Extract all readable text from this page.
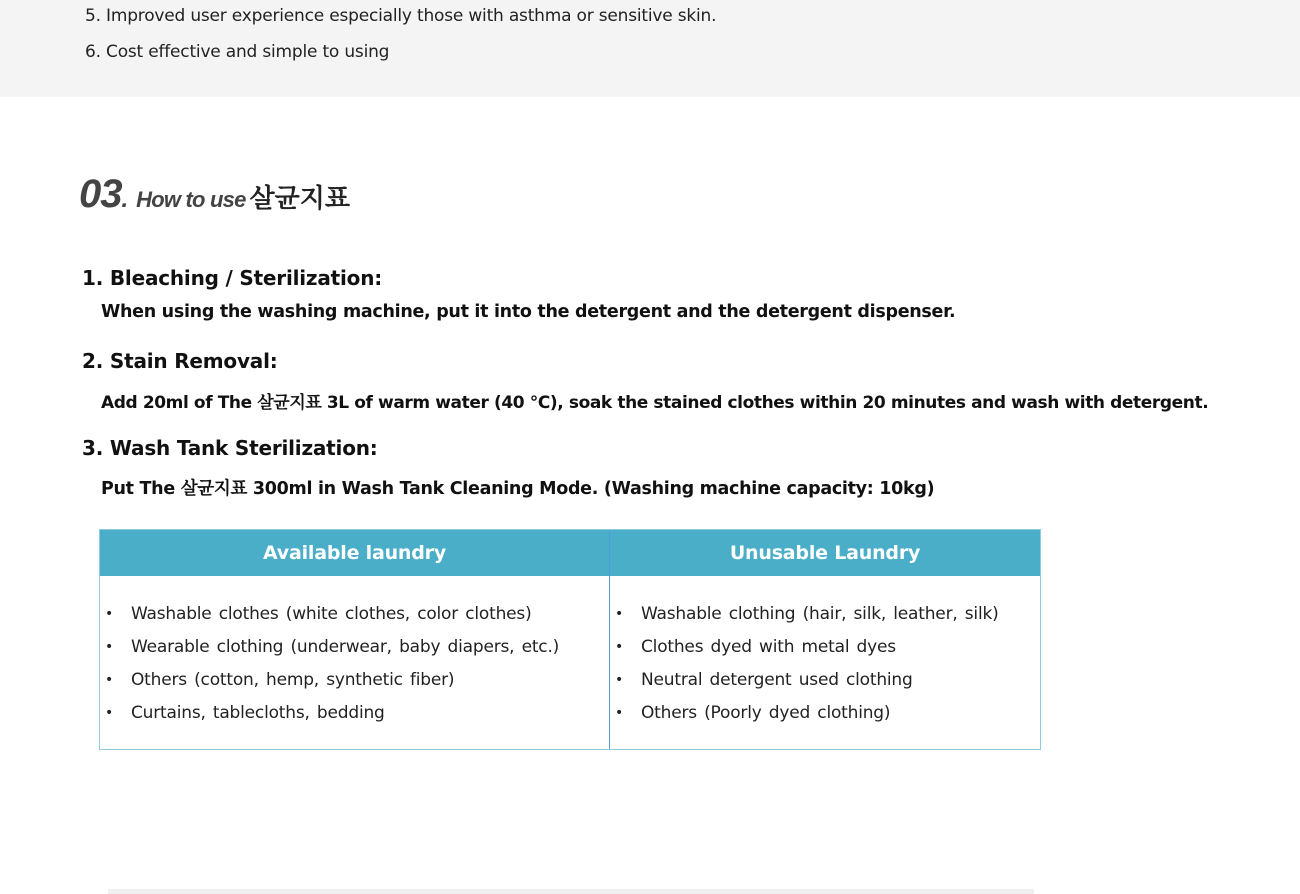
5. Improved user experience especially those with asthma or sensitive skin.
6. Cost effective and simple to using
03 . How to use 살균지표
1. Bleaching / Sterilization:
When using the washing machine, put it into the detergent and the detergent dispenser.
2. Stain Removal:
Add 20ml of The 살균지표 3L of warm water (40 ℃), soak the stained clothes within 20 minutes and wash with detergent.
3. Wash Tank Sterilization:
Put The 살균지표 300ml in Wash Tank Cleaning Mode. (Washing machine capacity: 10kg)
Available laundry
• Washable clothes (white clothes, color clothes)
• Wearable clothing (underwear, baby diapers, etc.)
• Others (cotton, hemp, synthetic fiber)
• Curtains, tablecloths, bedding
Unusable Laundry
• Washable clothing (hair, silk, leather, silk)
• Clothes dyed with metal dyes
• Neutral detergent used clothing
• Others (Poorly dyed clothing)
